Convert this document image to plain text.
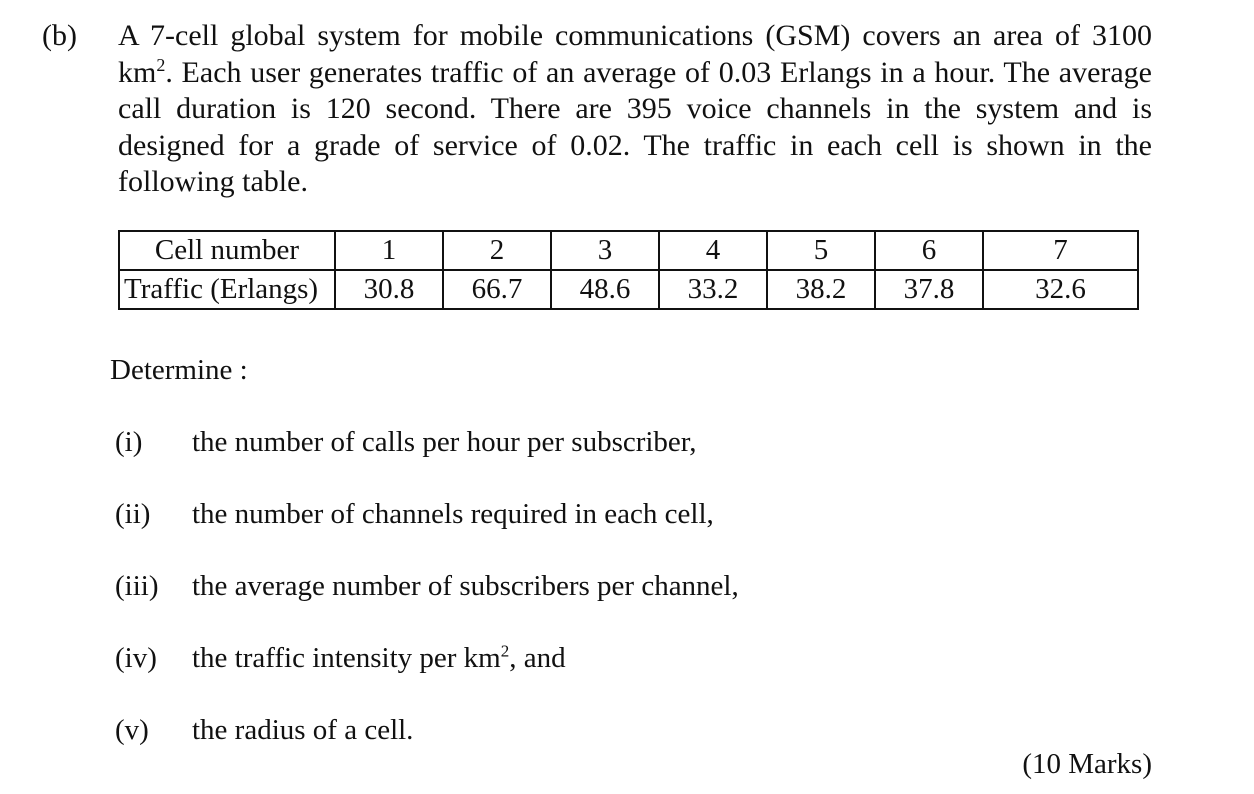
(b) A 7-cell global system for mobile communications (GSM) covers an area of 3100 $km^2$. Each user generates traffic of an average of 0.03 Erlangs in a hour. The average call duration is 120 second. There are 395 voice channels in the system and is designed for a grade of service of 0.02. The traffic in each cell is shown in the following table.
Cell number	1	2	3	4	5	6	7
Traffic (Erlangs)	30.8	66.7	48.6	33.2	38.2	37.8	32.6
Determine :
(i) the number of calls per hour per subscriber,
(ii) the number of channels required in each cell,
(iii) the average number of subscribers per channel,
(iv) the traffic intensity per $km^2$, and
(v) the radius of a cell.
(10 Marks)
